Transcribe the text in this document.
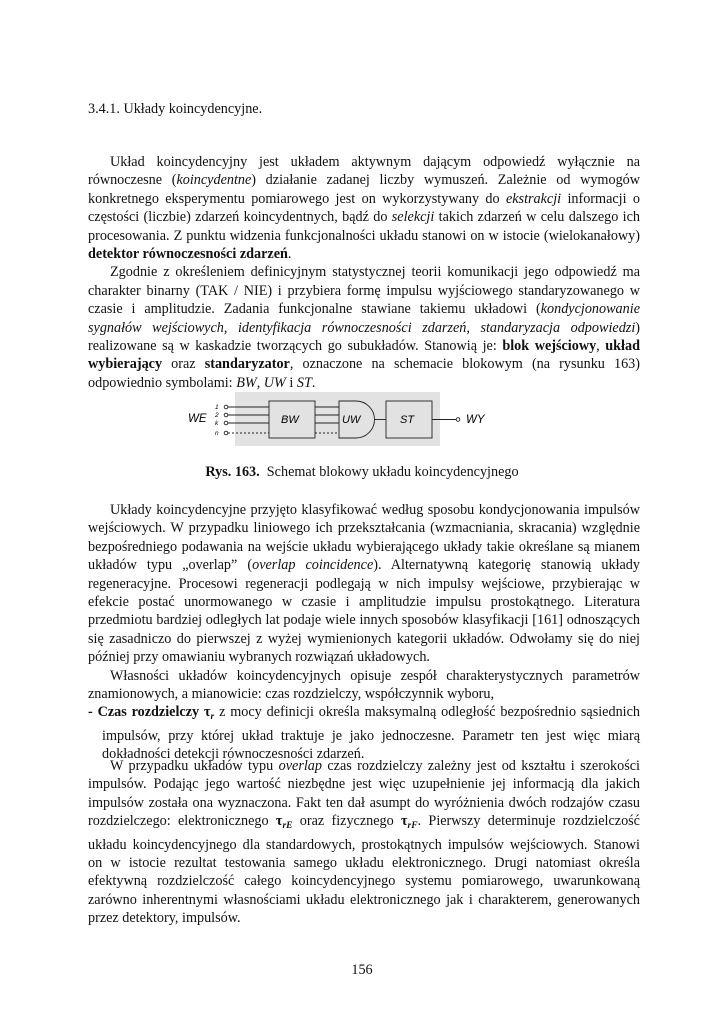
3.4.1. Układy koincydencyjne.

Układ koincydencyjny jest układem aktywnym dającym odpowiedź wyłącznie na równoczesne (koincydentne) działanie zadanej liczby wymuszeń. Zależnie od wymogów konkretnego eksperymentu pomiarowego jest on wykorzystywany do ekstrakcji informacji o częstości (liczbie) zdarzeń koincydentnych, bądź do selekcji takich zdarzeń w celu dalszego ich procesowania. Z punktu widzenia funkcjonalności układu stanowi on w istocie (wielokanałowy) detektor równoczesności zdarzeń.

Zgodnie z określeniem definicyjnym statystycznej teorii komunikacji jego odpowiedź ma charakter binarny (TAK / NIE) i przybiera formę impulsu wyjściowego standaryzowanego w czasie i amplitudzie. Zadania funkcjonalne stawiane takiemu układowi (kondycjonowanie sygnałów wejściowych, identyfikacja równoczesności zdarzeń, standaryzacja odpowiedzi) realizowane są w kaskadzie tworzących go subukładów. Stanowią je: blok wejściowy, układ wybierający oraz standaryzator, oznaczone na schemacie blokowym (na rysunku 163) odpowiednio symbolami: BW, UW i ST.

WE
1
2
k
n
BW	UW	ST	WY
Rys. 163. Schemat blokowy układu koincydencyjnego

Układy koincydencyjne przyjęto klasyfikować według sposobu kondycjonowania impulsów wejściowych. W przypadku liniowego ich przekształcania (wzmacniania, skracania) względnie bezpośredniego podawania na wejście układu wybierającego układy takie określane są mianem układów typu „overlap” (overlap coincidence). Alternatywną kategorię stanowią układy regeneracyjne. Procesowi regeneracji podlegają w nich impulsy wejściowe, przybierając w efekcie postać unormowanego w czasie i amplitudzie impulsu prostokątnego. Literatura przedmiotu bardziej odległych lat podaje wiele innych sposobów klasyfikacji [161] odnoszących się zasadniczo do pierwszej z wyżej wymienionych kategorii układów. Odwołamy się do niej później przy omawianiu wybranych rozwiązań układowych.

Własności układów koincydencyjnych opisuje zespół charakterystycznych parametrów znamionowych, a mianowicie: czas rozdzielczy, współczynnik wyboru,

- Czas rozdzielczy $\tau_r$ z mocy definicji określa maksymalną odległość bezpośrednio sąsiednich impulsów, przy której układ traktuje je jako jednoczesne. Parametr ten jest więc miarą dokładności detekcji równoczesności zdarzeń.

W przypadku układów typu overlap czas rozdzielczy zależny jest od kształtu i szerokości impulsów. Podając jego wartość niezbędne jest więc uzupełnienie jej informacją dla jakich impulsów została ona wyznaczona. Fakt ten dał asumpt do wyróżnienia dwóch rodzajów czasu rozdzielczego: elektronicznego $\tau_{rE}$ oraz fizycznego $\tau_{rF}$. Pierwszy determinuje rozdzielczość układu koincydencyjnego dla standardowych, prostokątnych impulsów wejściowych. Stanowi on w istocie rezultat testowania samego układu elektronicznego. Drugi natomiast określa efektywną rozdzielczość całego koincydencyjnego systemu pomiarowego, uwarunkowaną zarówno inherentnymi własnościami układu elektronicznego jak i charakterem, generowanych przez detektory, impulsów.

156
